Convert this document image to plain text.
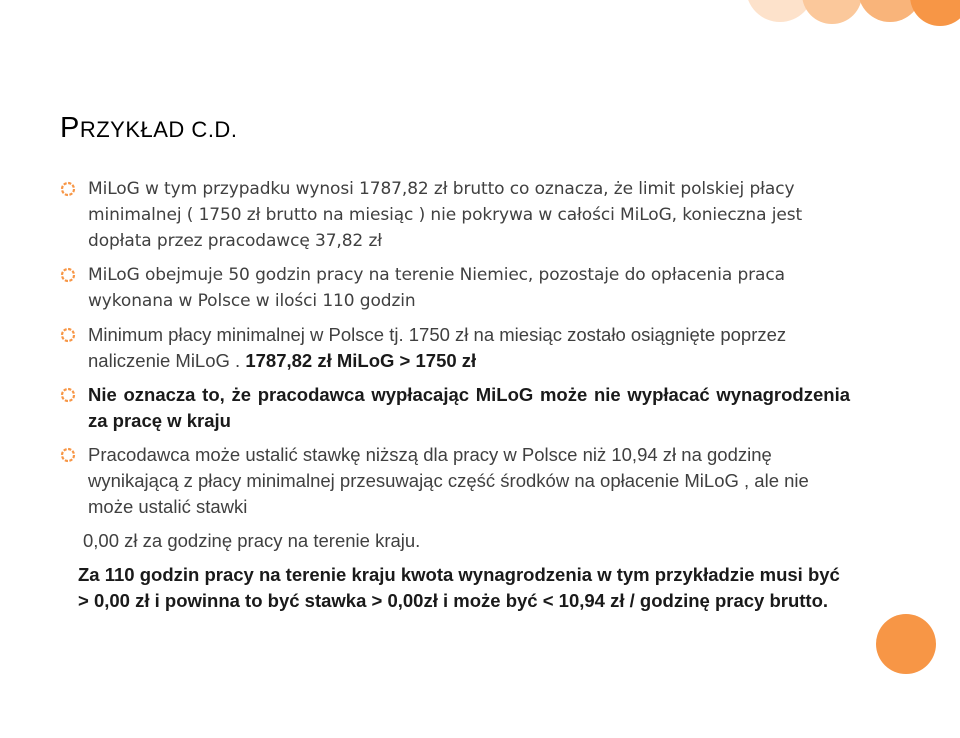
PRZYKŁAD C.D.
MiLoG w tym przypadku wynosi 1787,82 zł brutto co oznacza, że limit polskiej płacy minimalnej ( 1750 zł brutto na miesiąc ) nie pokrywa w całości MiLoG, konieczna jest dopłata przez pracodawcę 37,82 zł
MiLoG obejmuje 50 godzin pracy na terenie Niemiec, pozostaje do opłacenia praca wykonana w Polsce w ilości 110 godzin
Minimum płacy minimalnej w Polsce tj. 1750 zł na miesiąc zostało osiągnięte poprzez naliczenie MiLoG . 1787,82 zł MiLoG > 1750 zł
Nie oznacza to, że pracodawca wypłacając MiLoG może nie wypłacać wynagrodzenia za pracę w kraju
Pracodawca może ustalić stawkę niższą dla pracy w Polsce niż 10,94 zł na godzinę wynikającą z płacy minimalnej przesuwając część środków na opłacenie MiLoG , ale nie może ustalić stawki
0,00 zł za godzinę pracy na terenie kraju.
Za 110 godzin pracy na terenie kraju kwota wynagrodzenia w tym przykładzie musi być > 0,00 zł i powinna to być stawka > 0,00zł i może być < 10,94 zł / godzinę pracy brutto.
